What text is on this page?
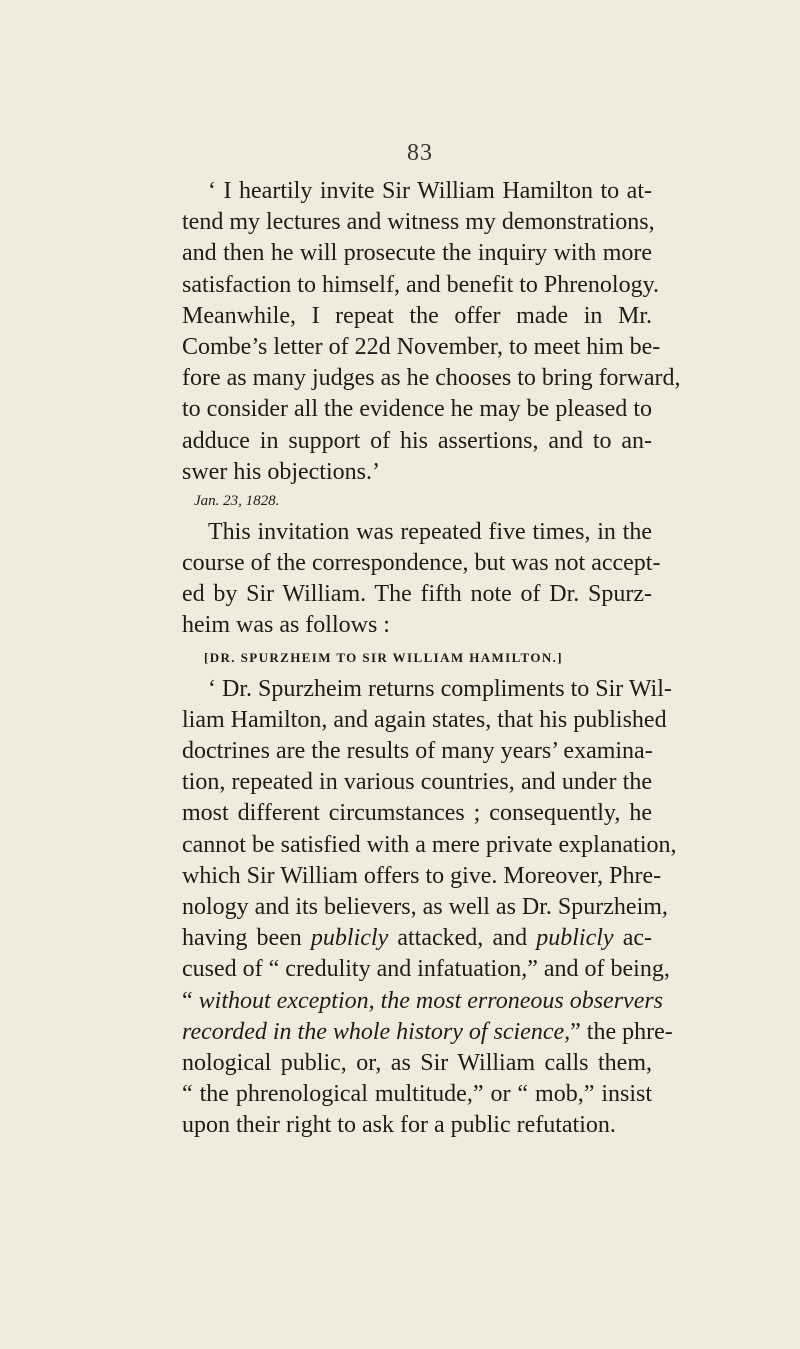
83
‘ I heartily invite Sir William Hamilton to at-
tend my lectures and witness my demonstrations,
and then he will prosecute the inquiry with more
satisfaction to himself, and benefit to Phrenology.
Meanwhile, I repeat the offer made in Mr.
Combe’s letter of 22d November, to meet him be-
fore as many judges as he chooses to bring forward,
to consider all the evidence he may be pleased to
adduce in support of his assertions, and to an-
swer his objections.’
Jan. 23, 1828.
This invitation was repeated five times, in the
course of the correspondence, but was not accept-
ed by Sir William. The fifth note of Dr. Spurz-
heim was as follows :
[DR. SPURZHEIM TO SIR WILLIAM HAMILTON.]
‘ Dr. Spurzheim returns compliments to Sir Wil-
liam Hamilton, and again states, that his published
doctrines are the results of many years’ examina-
tion, repeated in various countries, and under the
most different circumstances ; consequently, he
cannot be satisfied with a mere private explanation,
which Sir William offers to give. Moreover, Phre-
nology and its believers, as well as Dr. Spurzheim,
having been publicly attacked, and publicly ac-
cused of “ credulity and infatuation,” and of being,
“ without exception, the most erroneous observers
recorded in the whole history of science,” the phre-
nological public, or, as Sir William calls them,
“ the phrenological multitude,” or “ mob,” insist
upon their right to ask for a public refutation.
